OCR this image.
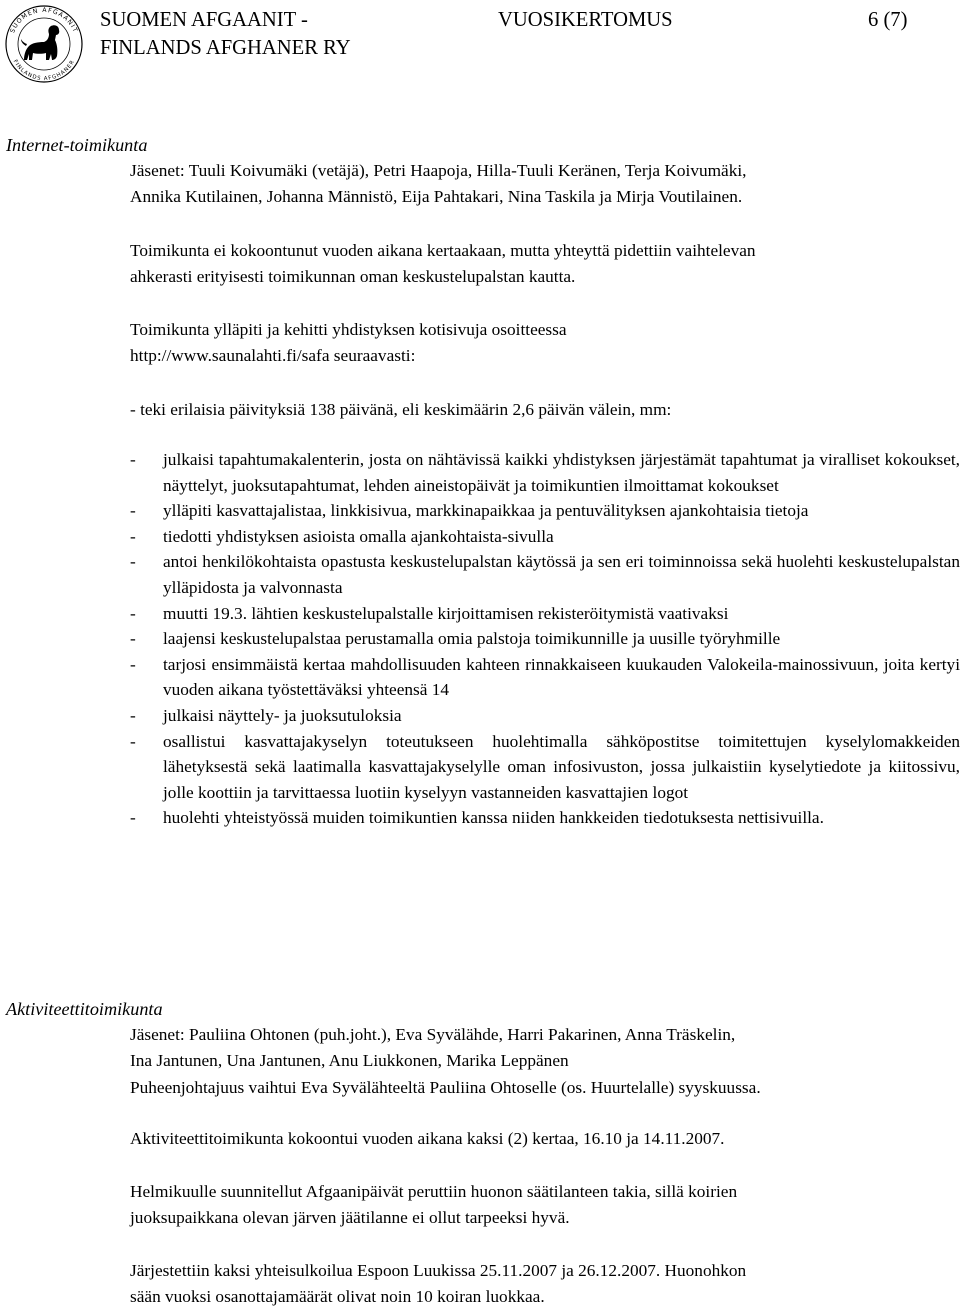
SUOMEN AFGAANIT
FINLANDS AFGHANER
SUOMEN AFGAANIT -
FINLANDS AFGHANER RY
VUOSIKERTOMUS	6 (7)
Internet-toimikunta

Jäsenet: Tuuli Koivumäki (vetäjä), Petri Haapoja, Hilla-Tuuli Keränen, Terja Koivumäki,
Annika Kutilainen, Johanna Männistö, Eija Pahtakari, Nina Taskila ja Mirja Voutilainen.

Toimikunta ei kokoontunut vuoden aikana kertaakaan, mutta yhteyttä pidettiin vaihtelevan
ahkerasti erityisesti toimikunnan oman keskustelupalstan kautta.

Toimikunta ylläpiti ja kehitti yhdistyksen kotisivuja osoitteessa
http://www.saunalahti.fi/safa seuraavasti:

- teki erilaisia päivityksiä 138 päivänä, eli keskimäärin 2,6 päivän välein, mm:

- julkaisi tapahtumakalenterin, josta on nähtävissä kaikki yhdistyksen järjestämät tapahtumat ja viralliset kokoukset, näyttelyt, juoksutapahtumat, lehden aineistopäivät ja toimikuntien ilmoittamat kokoukset
- ylläpiti kasvattajalistaa, linkkisivua, markkinapaikkaa ja pentuvälityksen ajankohtaisia tietoja
- tiedotti yhdistyksen asioista omalla ajankohtaista-sivulla
- antoi henkilökohtaista opastusta keskustelupalstan käytössä ja sen eri toiminnoissa sekä huolehti keskustelupalstan ylläpidosta ja valvonnasta
- muutti 19.3. lähtien keskustelupalstalle kirjoittamisen rekisteröitymistä vaativaksi
- laajensi keskustelupalstaa perustamalla omia palstoja toimikunnille ja uusille työryhmille
- tarjosi ensimmäistä kertaa mahdollisuuden kahteen rinnakkaiseen kuukauden Valokeila-mainossivuun, joita kertyi vuoden aikana työstettäväksi yhteensä 14
- julkaisi näyttely- ja juoksutuloksia
- osallistui kasvattajakyselyn toteutukseen huolehtimalla sähköpostitse toimitettujen kyselylomakkeiden lähetyksestä sekä laatimalla kasvattajakyselylle oman infosivuston, jossa julkaistiin kyselytiedote ja kiitossivu, jolle koottiin ja tarvittaessa luotiin kyselyyn vastanneiden kasvattajien logot
- huolehti yhteistyössä muiden toimikuntien kanssa niiden hankkeiden tiedotuksesta nettisivuilla.
Aktiviteettitoimikunta

Jäsenet: Pauliina Ohtonen (puh.joht.), Eva Syvälähde, Harri Pakarinen, Anna Träskelin,
Ina Jantunen, Una Jantunen, Anu Liukkonen, Marika Leppänen
Puheenjohtajuus vaihtui Eva Syvälähteeltä Pauliina Ohtoselle (os. Huurtelalle) syyskuussa.

Aktiviteettitoimikunta kokoontui vuoden aikana kaksi (2) kertaa, 16.10 ja 14.11.2007.

Helmikuulle suunnitellut Afgaanipäivät peruttiin huonon säätilanteen takia, sillä koirien
juoksupaikkana olevan järven jäätilanne ei ollut tarpeeksi hyvä.

Järjestettiin kaksi yhteisulkoilua Espoon Luukissa 25.11.2007 ja 26.12.2007. Huonohkon
sään vuoksi osanottajamäärät olivat noin 10 koiran luokkaa.
